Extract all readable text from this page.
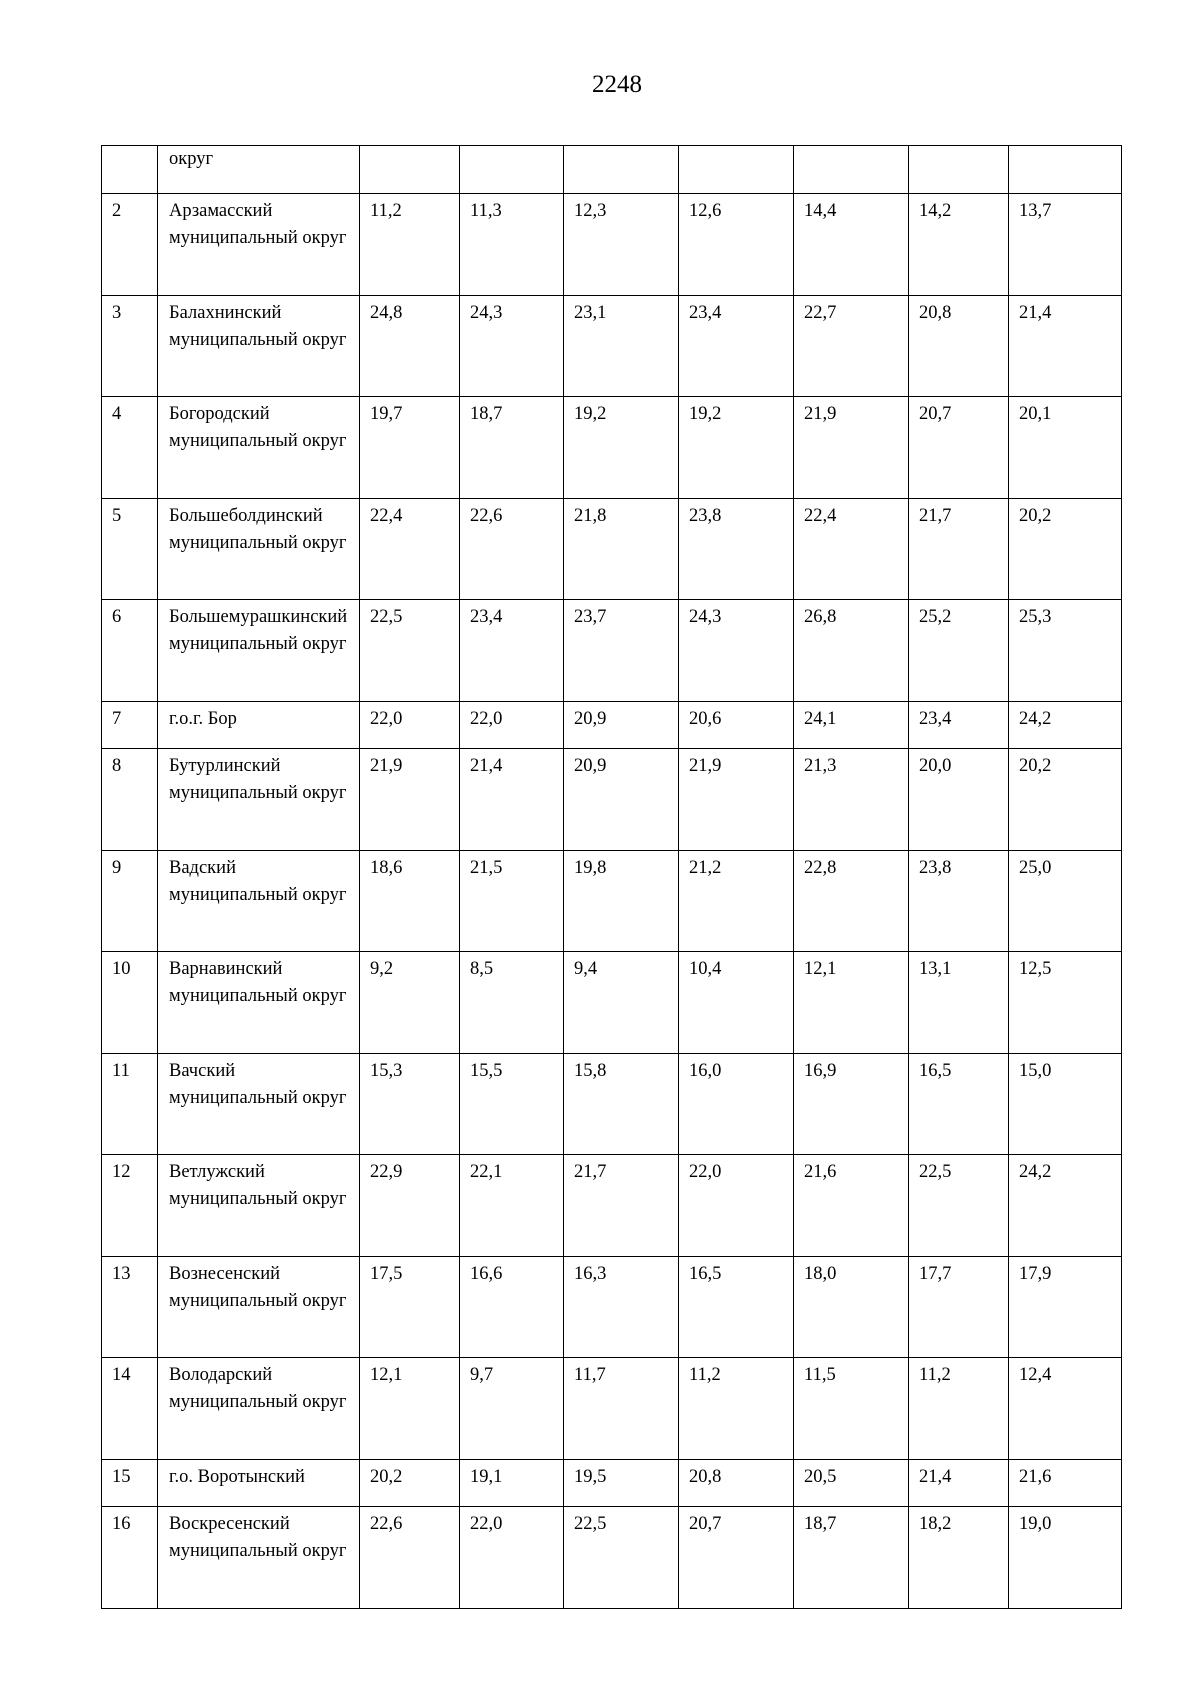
2248
	округ							
2	Арзамасский муниципальный округ	11,2	11,3	12,3	12,6	14,4	14,2	13,7
3	Балахнинский муниципальный округ	24,8	24,3	23,1	23,4	22,7	20,8	21,4
4	Богородский муниципальный округ	19,7	18,7	19,2	19,2	21,9	20,7	20,1
5	Большеболдинский муниципальный округ	22,4	22,6	21,8	23,8	22,4	21,7	20,2
6	Большемурашкинский муниципальный округ	22,5	23,4	23,7	24,3	26,8	25,2	25,3
7	г.о.г. Бор	22,0	22,0	20,9	20,6	24,1	23,4	24,2
8	Бутурлинский муниципальный округ	21,9	21,4	20,9	21,9	21,3	20,0	20,2
9	Вадский муниципальный округ	18,6	21,5	19,8	21,2	22,8	23,8	25,0
10	Варнавинский муниципальный округ	9,2	8,5	9,4	10,4	12,1	13,1	12,5
11	Вачский муниципальный округ	15,3	15,5	15,8	16,0	16,9	16,5	15,0
12	Ветлужский муниципальный округ	22,9	22,1	21,7	22,0	21,6	22,5	24,2
13	Вознесенский муниципальный округ	17,5	16,6	16,3	16,5	18,0	17,7	17,9
14	Володарский муниципальный округ	12,1	9,7	11,7	11,2	11,5	11,2	12,4
15	г.о. Воротынский	20,2	19,1	19,5	20,8	20,5	21,4	21,6
16	Воскресенский муниципальный округ	22,6	22,0	22,5	20,7	18,7	18,2	19,0
